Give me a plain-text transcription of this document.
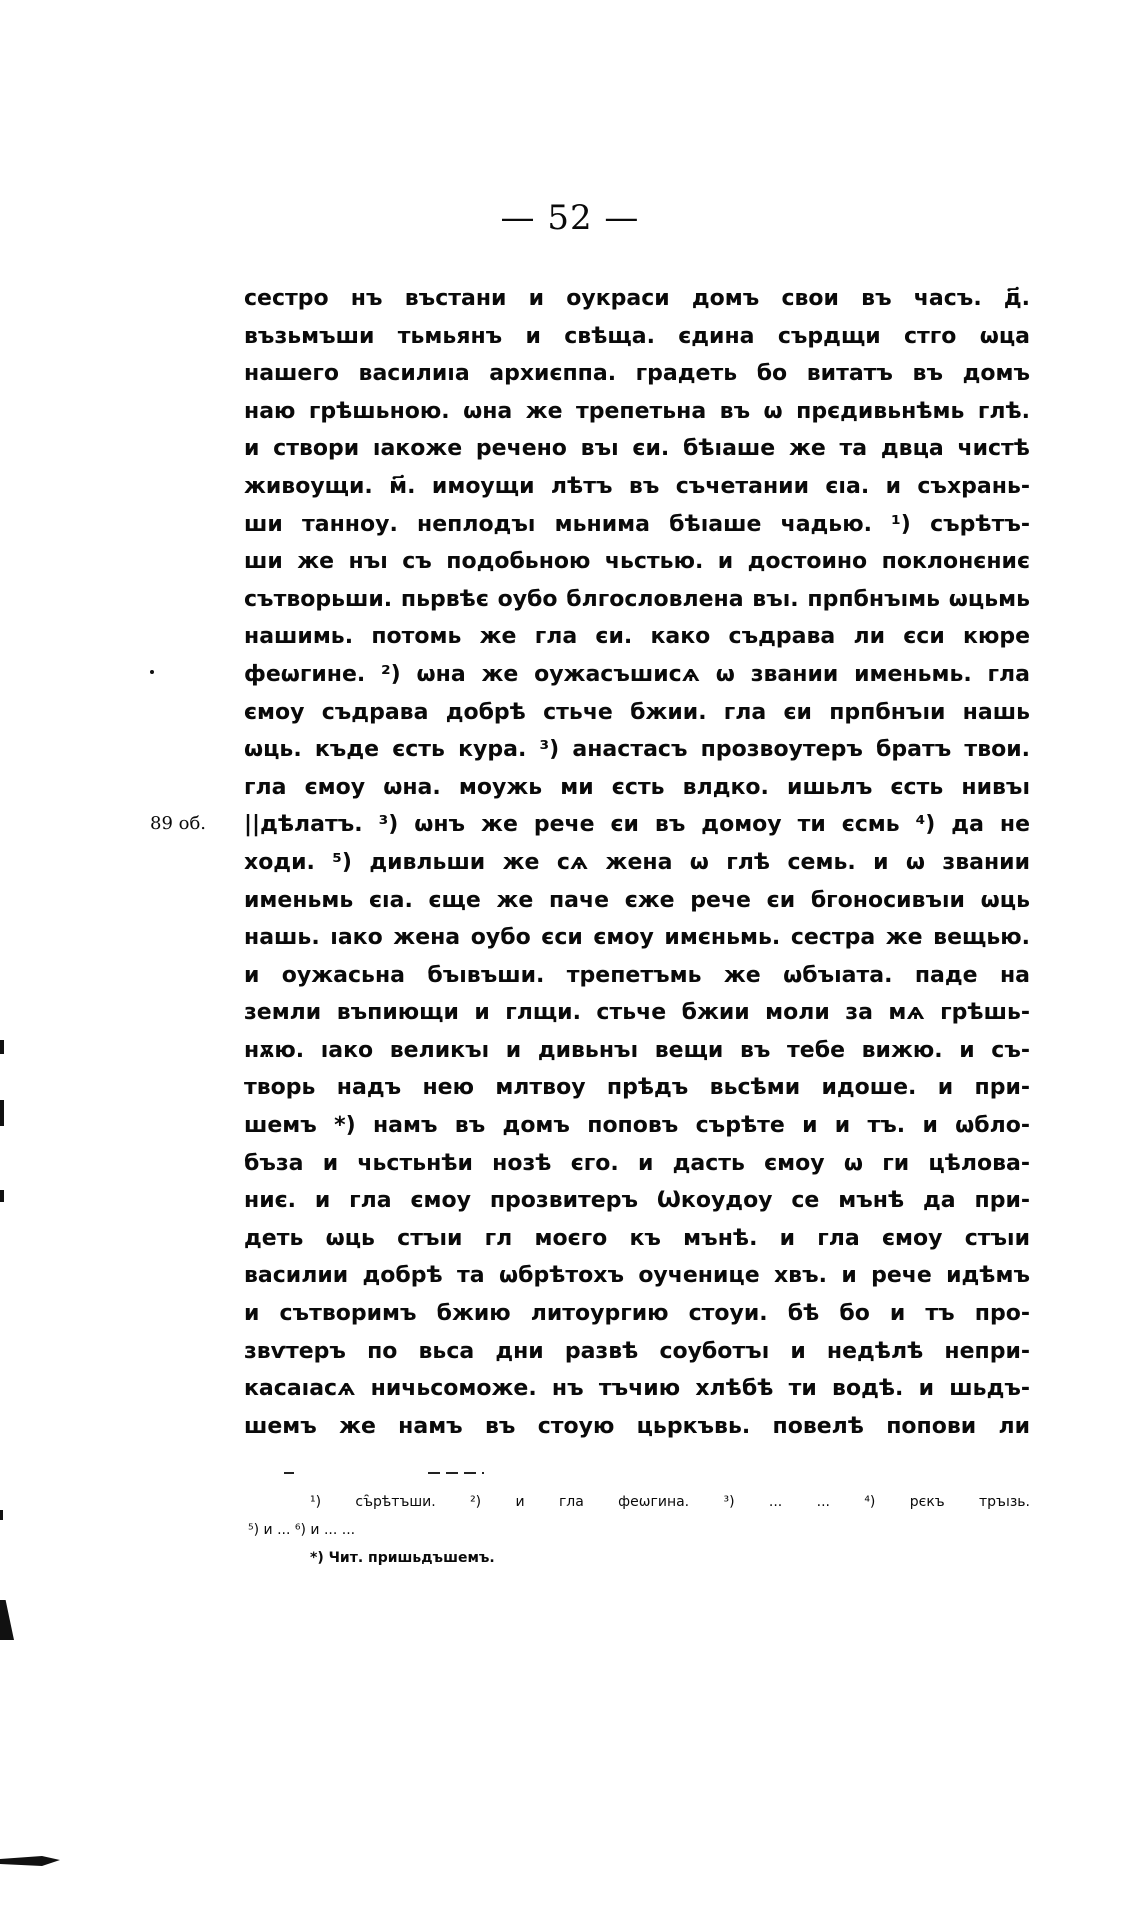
— 52 —
89 об.
сестро нъ въстани и оукраси домъ свои въ часъ. д҃.
възьмъши тьмьянъ и свѣща. єдина сърдщи стго ѡца
нашего василиıа архиєппа. градеть бо витатъ въ домъ
наю грѣшьною. ѡна же трепетьна въ ѡ прєдивьнѣмь глѣ.
и створи ıакоже речено въı єи. бѣıаше же та двца чистѣ
живоущи. м҃. имоущи лѣтъ въ съчетании єıа. и съхрань-
ши танноу. неплодъı мьнима бѣıаше чадью. ¹) сърѣтъ-
ши же нъı съ подобьною чьстью. и достоино поклонєниє
сътворьши. пьрвѣє оубо блгословлена въı. прпбнъıмь ѡцьмь
нашимь. потомь же гла єи. како съдрава ли єси кюре
феωгине. ²) ѡна же оужасъшисѧ ѡ звании именьмь. гла
ємоу съдрава добрѣ стьче бжии. гла єи прпбнъıи нашь
ѡць. къде єсть кура. ³) анастасъ прозвоутеръ братъ твои.
гла ємоу ѡна. моужь ми єсть влдко. ишьлъ єсть нивъı
||дѣлатъ. ³) ѡнъ же рече єи въ домоу ти єсмь ⁴) да не
ходи. ⁵) дивльши же сѧ жена ѡ глѣ семь. и ѡ звании
именьмь єıа. єще же паче єже рече єи бгоносивъıи ѡць
нашь. ıако жена оубо єси ємоу имєньмь. сестра же вещью.
и оужасьна бъıвъши. трепетъмь же ωбъıата. паде на
земли въпиющи и глщи. стьче бжии моли за мѧ грѣшь-
нѫю. ıако великъı и дивьнъı вещи въ тебе вижю. и съ-
творь надъ нею млтвоу прѣдъ вьсѣми идоше. и при-
шемъ *) намъ въ домъ поповъ сърѣте и и тъ. и ωбло-
бъза и чьстьнѣи нозѣ єго. и дасть ємоу ω ги цѣлова-
ниє. и гла ємоу прозвитеръ Ѡкоудоу се мънѣ да при-
деть ѡць стъıи гл моєго къ мънѣ. и гла ємоу стъıи
василии добрѣ та ωбрѣтохъ оученице хвъ. и рече идѣмъ
и сътворимъ бжию литоургию стоуи. бѣ бо и тъ про-
звѵтеръ по вьса дни развѣ соуботъı и недѣлѣ непри-
касаıасѧ ничьсоможе. нъ тъчию хлѣбѣ ти водѣ. и шьдъ-
шемъ же намъ въ стоую цьркъвь. повелѣ попови ли
¹) съ̑рѣтъши. ²) и гла феωгина. ³) ... ... ⁴) рєкъ тръıзь.
⁵) и ... ⁶) и ... ...
*) Чит. пришьдъшемъ.
